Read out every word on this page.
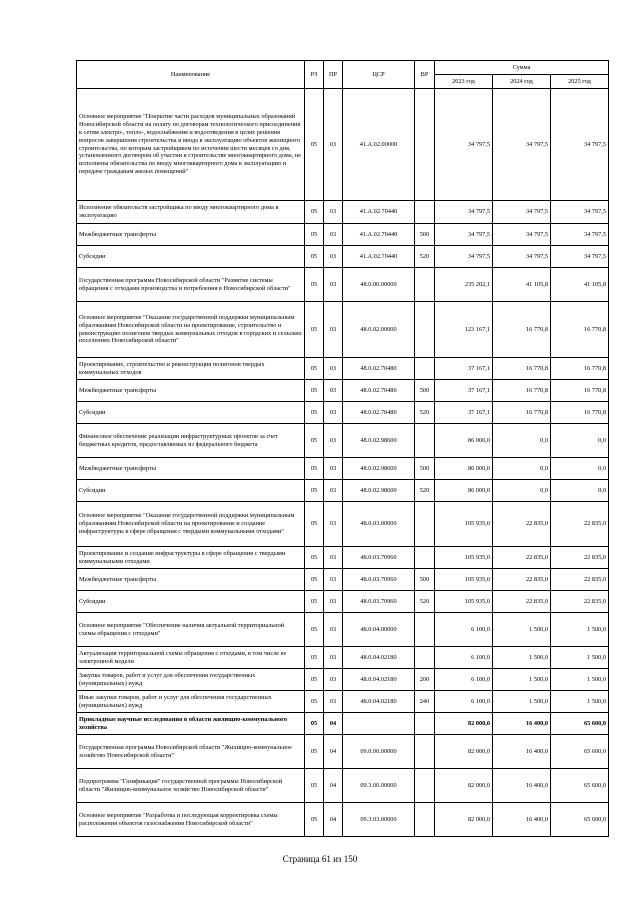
Наименование	РЗ	ПР	ЦСР	ВР	Сумма		
					2023 год	2024 год	2025 год
Основное мероприятие "Покрытие части расходов муниципальных образований Новосибирской области на оплату по договорам технологического присоединения к сетям электро-, тепло-, водоснабжения и водоотведения в целях решения вопросов завершения строительства и ввода в эксплуатацию объектов жилищного строительства, по которым застройщиком по истечении шести месяцев со дня, установленного договором об участии в строительстве многоквартирного дома, не исполнены обязательства по вводу многоквартирного дома в эксплуатацию и передаче гражданам жилых помещений"	05	03	41.А.02.00000		34 797,5	34 797,5	34 797,5
Исполнение обязательств застройщика по вводу многоквартирного дома в эксплуатацию	05	03	41.А.02.70440		34 797,5	34 797,5	34 797,5
Межбюджетные трансферты	05	03	41.А.02.70440	500	34 797,5	34 797,5	34 797,5
Субсидии	05	03	41.А.02.70440	520	34 797,5	34 797,5	34 797,5
Государственная программа Новосибирской области "Развитие системы обращения с отходами производства и потребления в Новосибирской области"	05	03	48.0.00.00000		235 202,1	41 105,8	41 105,8
Основное мероприятие "Оказание государственной поддержки муниципальным образованиям Новосибирской области на проектирование, строительство и реконструкцию полигонов твердых коммунальных отходов в городских и сельских поселениях Новосибирской области"	05	03	48.0.02.00000		123 167,1	16 770,8	16 770,8
Проектирование, строительство и реконструкция полигонов твердых коммунальных отходов	05	03	48.0.02.70480		37 167,1	16 770,8	16 770,8
Межбюджетные трансферты	05	03	48.0.02.70480	500	37 167,1	16 770,8	16 770,8
Субсидии	05	03	48.0.02.70480	520	37 167,1	16 770,8	16 770,8
Финансовое обеспечение реализации инфраструктурных проектов за счет бюджетных кредитов, предоставляемых из федерального бюджета	05	03	48.0.02.98600		86 000,0	0,0	0,0
Межбюджетные трансферты	05	03	48.0.02.98600	500	86 000,0	0,0	0,0
Субсидии	05	03	48.0.02.98600	520	86 000,0	0,0	0,0
Основное мероприятие "Оказание государственной поддержки муниципальным образованиям Новосибирской области на проектирование и создание инфраструктуры в сфере обращения с твердыми коммунальными отходами"	05	03	48.0.03.00000		105 935,0	22 835,0	22 835,0
Проектирование и создание инфраструктуры в сфере обращения с твердыми коммунальными отходами	05	03	48.0.03.70960		105 935,0	22 835,0	22 835,0
Межбюджетные трансферты	05	03	48.0.03.70960	500	105 935,0	22 835,0	22 835,0
Субсидии	05	03	48.0.03.70960	520	105 935,0	22 835,0	22 835,0
Основное мероприятие "Обеспечение наличия актуальной территориальной схемы обращения с отходами"	05	03	48.0.04.00000		6 100,0	1 500,0	1 500,0
Актуализация территориальной схемы обращения с отходами, в том числе ее электронной модели	05	03	48.0.04.02180		6 100,0	1 500,0	1 500,0
Закупка товаров, работ и услуг для обеспечения государственных (муниципальных) нужд	05	03	48.0.04.02180	200	6 100,0	1 500,0	1 500,0
Иные закупки товаров, работ и услуг для обеспечения государственных (муниципальных) нужд	05	03	48.0.04.02180	240	6 100,0	1 500,0	1 500,0
Прикладные научные исследования в области жилищно-коммунального хозяйства	05	04			82 000,0	16 400,0	65 600,0
Государственная программа Новосибирской области "Жилищно-коммунальное хозяйство Новосибирской области"	05	04	09.0.00.00000		82 000,0	16 400,0	65 600,0
Подпрограмма "Газификация" государственной программы Новосибирской области "Жилищно-коммунальное хозяйство Новосибирской области"	05	04	09.3.00.00000		82 000,0	16 400,0	65 600,0
Основное мероприятие "Разработка и последующая корректировка схемы расположения объектов газоснабжения Новосибирской области"	05	04	09.3.03.00000		82 000,0	16 400,0	65 600,0
Страница 61 из 150
